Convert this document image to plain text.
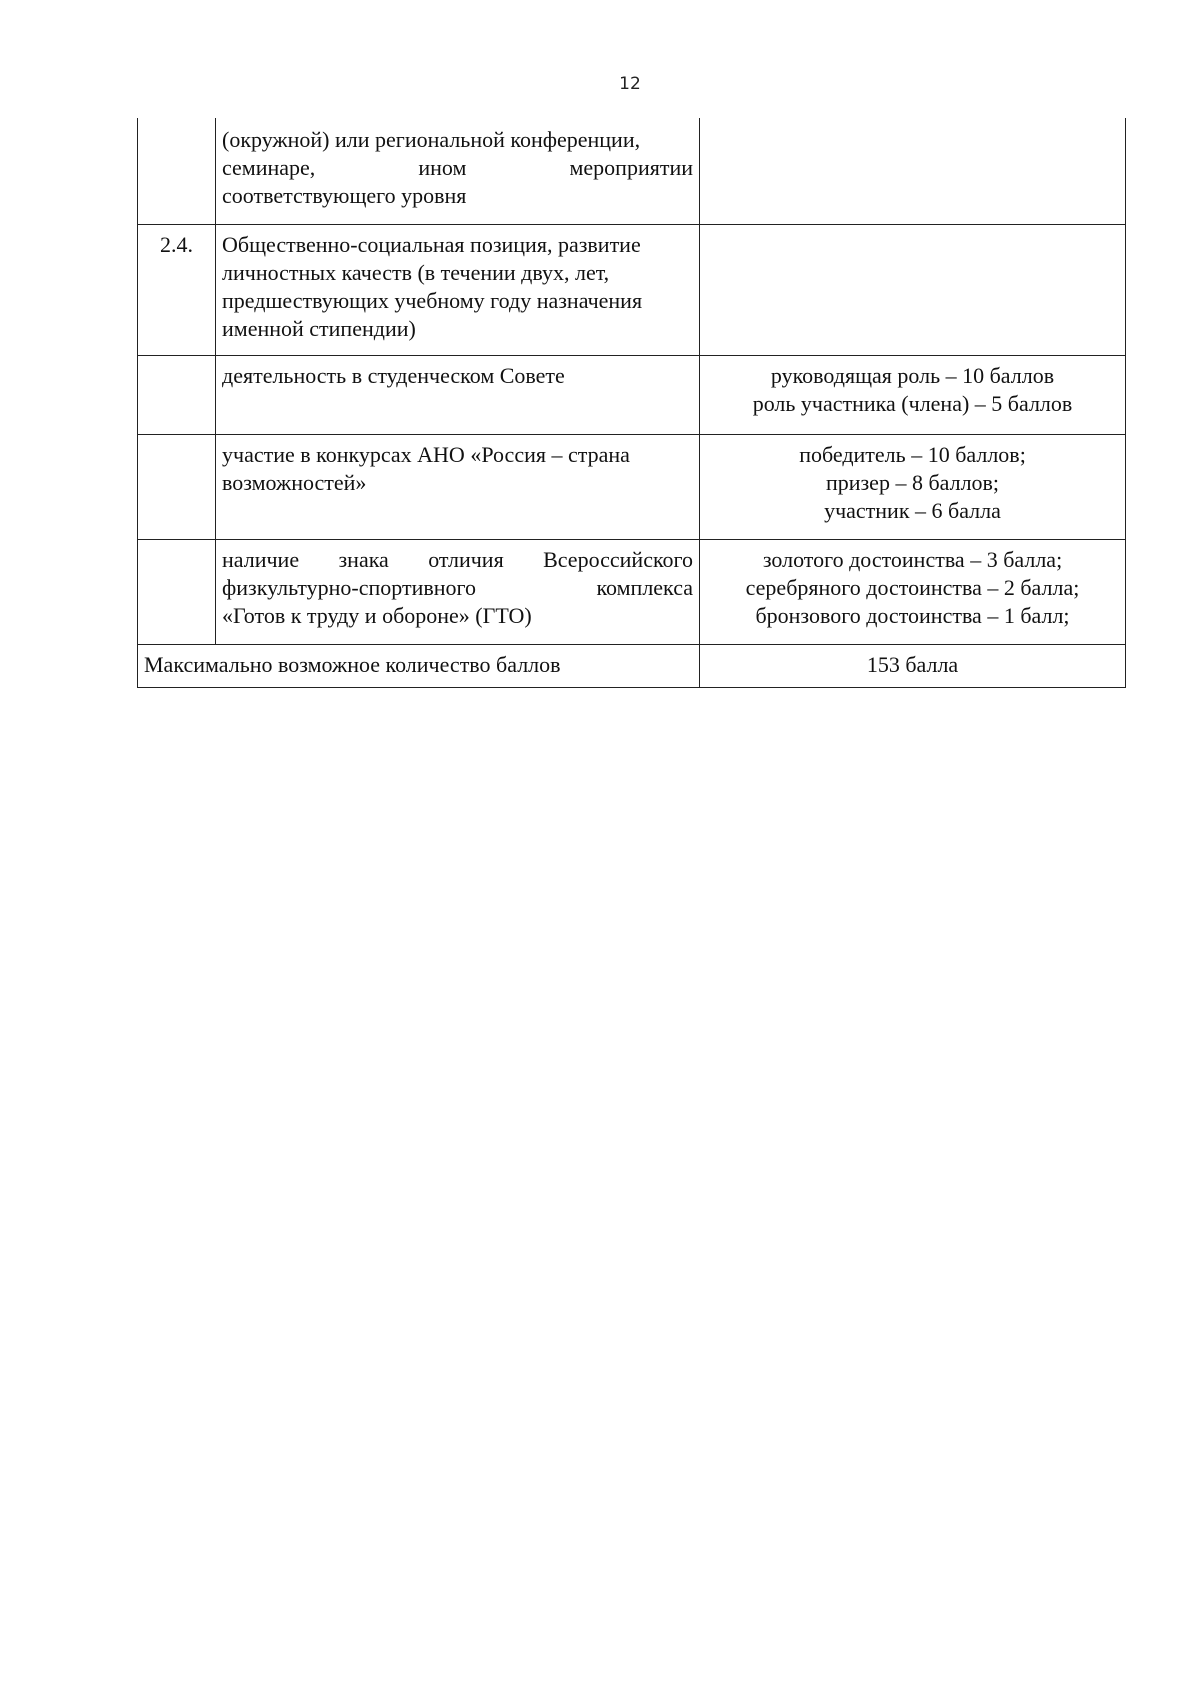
12

	(окружной) или региональной конференции,
семинаре, ином мероприятии
соответствующего уровня	

2.4.	Общественно-социальная позиция, развитие
личностных качеств (в течении двух, лет,
предшествующих учебному году назначения
именной стипендии)	

	деятельность в студенческом Совете	руководящая роль – 10 баллов
роль участника (члена) – 5 баллов

	участие в конкурсах АНО «Россия – страна
возможностей»	победитель – 10 баллов;
призер – 8 баллов;
участник – 6 балла

	наличие знака отличия Всероссийского
физкультурно-спортивного комплекса
«Готов к труду и обороне» (ГТО)	золотого достоинства – 3 балла;
серебряного достоинства – 2 балла;
бронзового достоинства – 1 балл;

Максимально возможное количество баллов		153 балла
